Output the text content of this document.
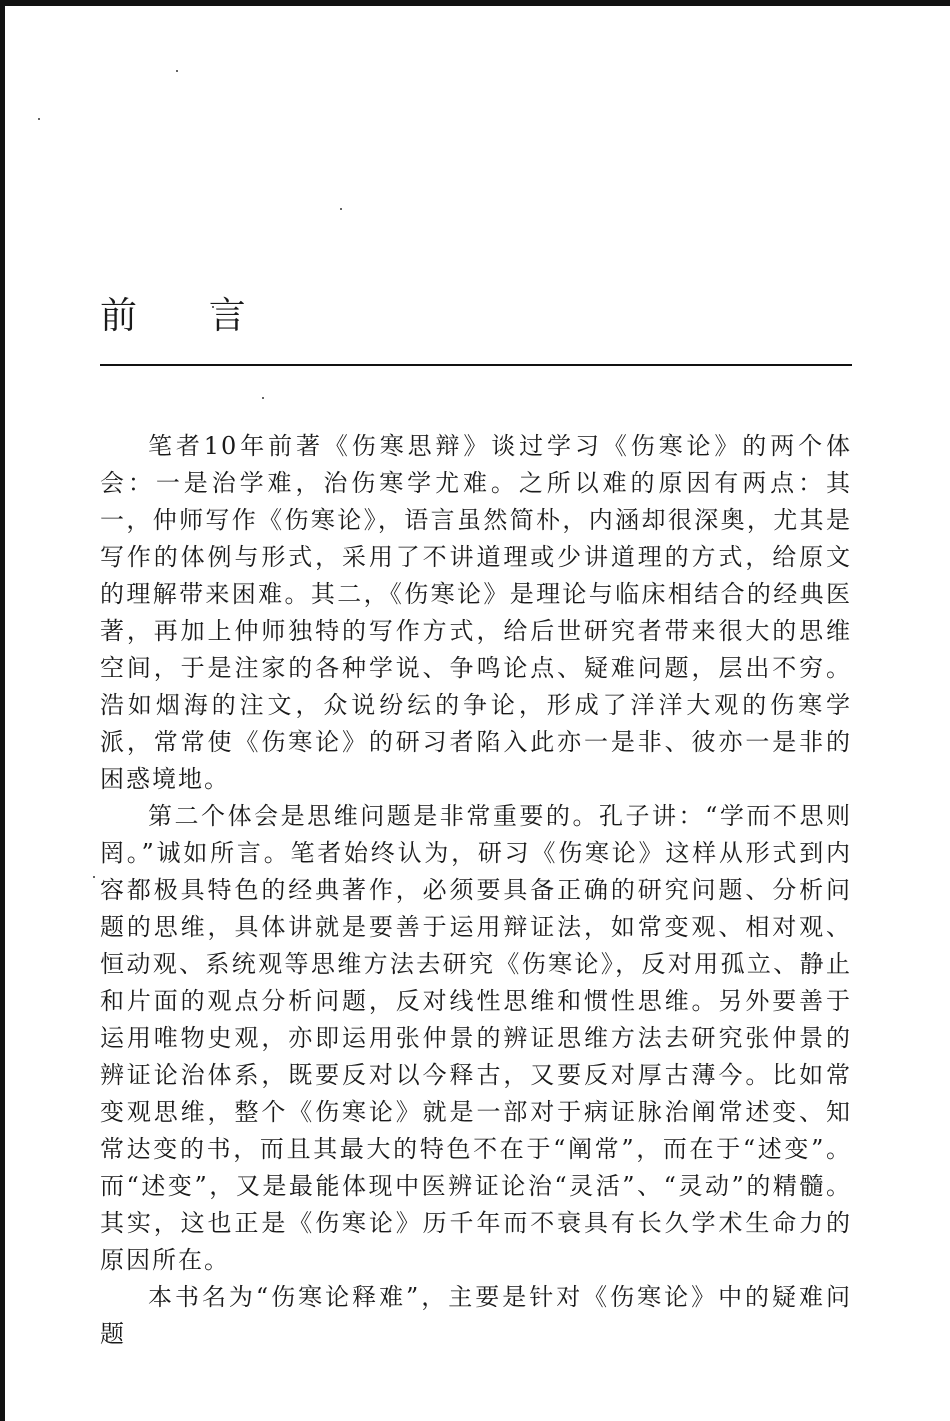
前 言

笔者10年前著《伤寒思辩》谈过学习《伤寒论》的两个体会：一是治学难，治伤寒学尤难。之所以难的原因有两点：其一，仲师写作《伤寒论》，语言虽然简朴，内涵却很深奥，尤其是写作的体例与形式，采用了不讲道理或少讲道理的方式，给原文的理解带来困难。其二，《伤寒论》是理论与临床相结合的经典医著，再加上仲师独特的写作方式，给后世研究者带来很大的思维空间，于是注家的各种学说、争鸣论点、疑难问题，层出不穷。浩如烟海的注文，众说纷纭的争论，形成了洋洋大观的伤寒学派，常常使《伤寒论》的研习者陷入此亦一是非、彼亦一是非的困惑境地。

第二个体会是思维问题是非常重要的。孔子讲：“学而不思则罔。”诚如所言。笔者始终认为，研习《伤寒论》这样从形式到内容都极具特色的经典著作，必须要具备正确的研究问题、分析问题的思维，具体讲就是要善于运用辩证法，如常变观、相对观、恒动观、系统观等思维方法去研究《伤寒论》，反对用孤立、静止和片面的观点分析问题，反对线性思维和惯性思维。另外要善于运用唯物史观，亦即运用张仲景的辨证思维方法去研究张仲景的辨证论治体系，既要反对以今释古，又要反对厚古薄今。比如常变观思维，整个《伤寒论》就是一部对于病证脉治阐常述变、知常达变的书，而且其最大的特色不在于“阐常”，而在于“述变”。而“述变”，又是最能体现中医辨证论治“灵活”、“灵动”的精髓。其实，这也正是《伤寒论》历千年而不衰具有长久学术生命力的原因所在。

本书名为“伤寒论释难”，主要是针对《伤寒论》中的疑难问题
